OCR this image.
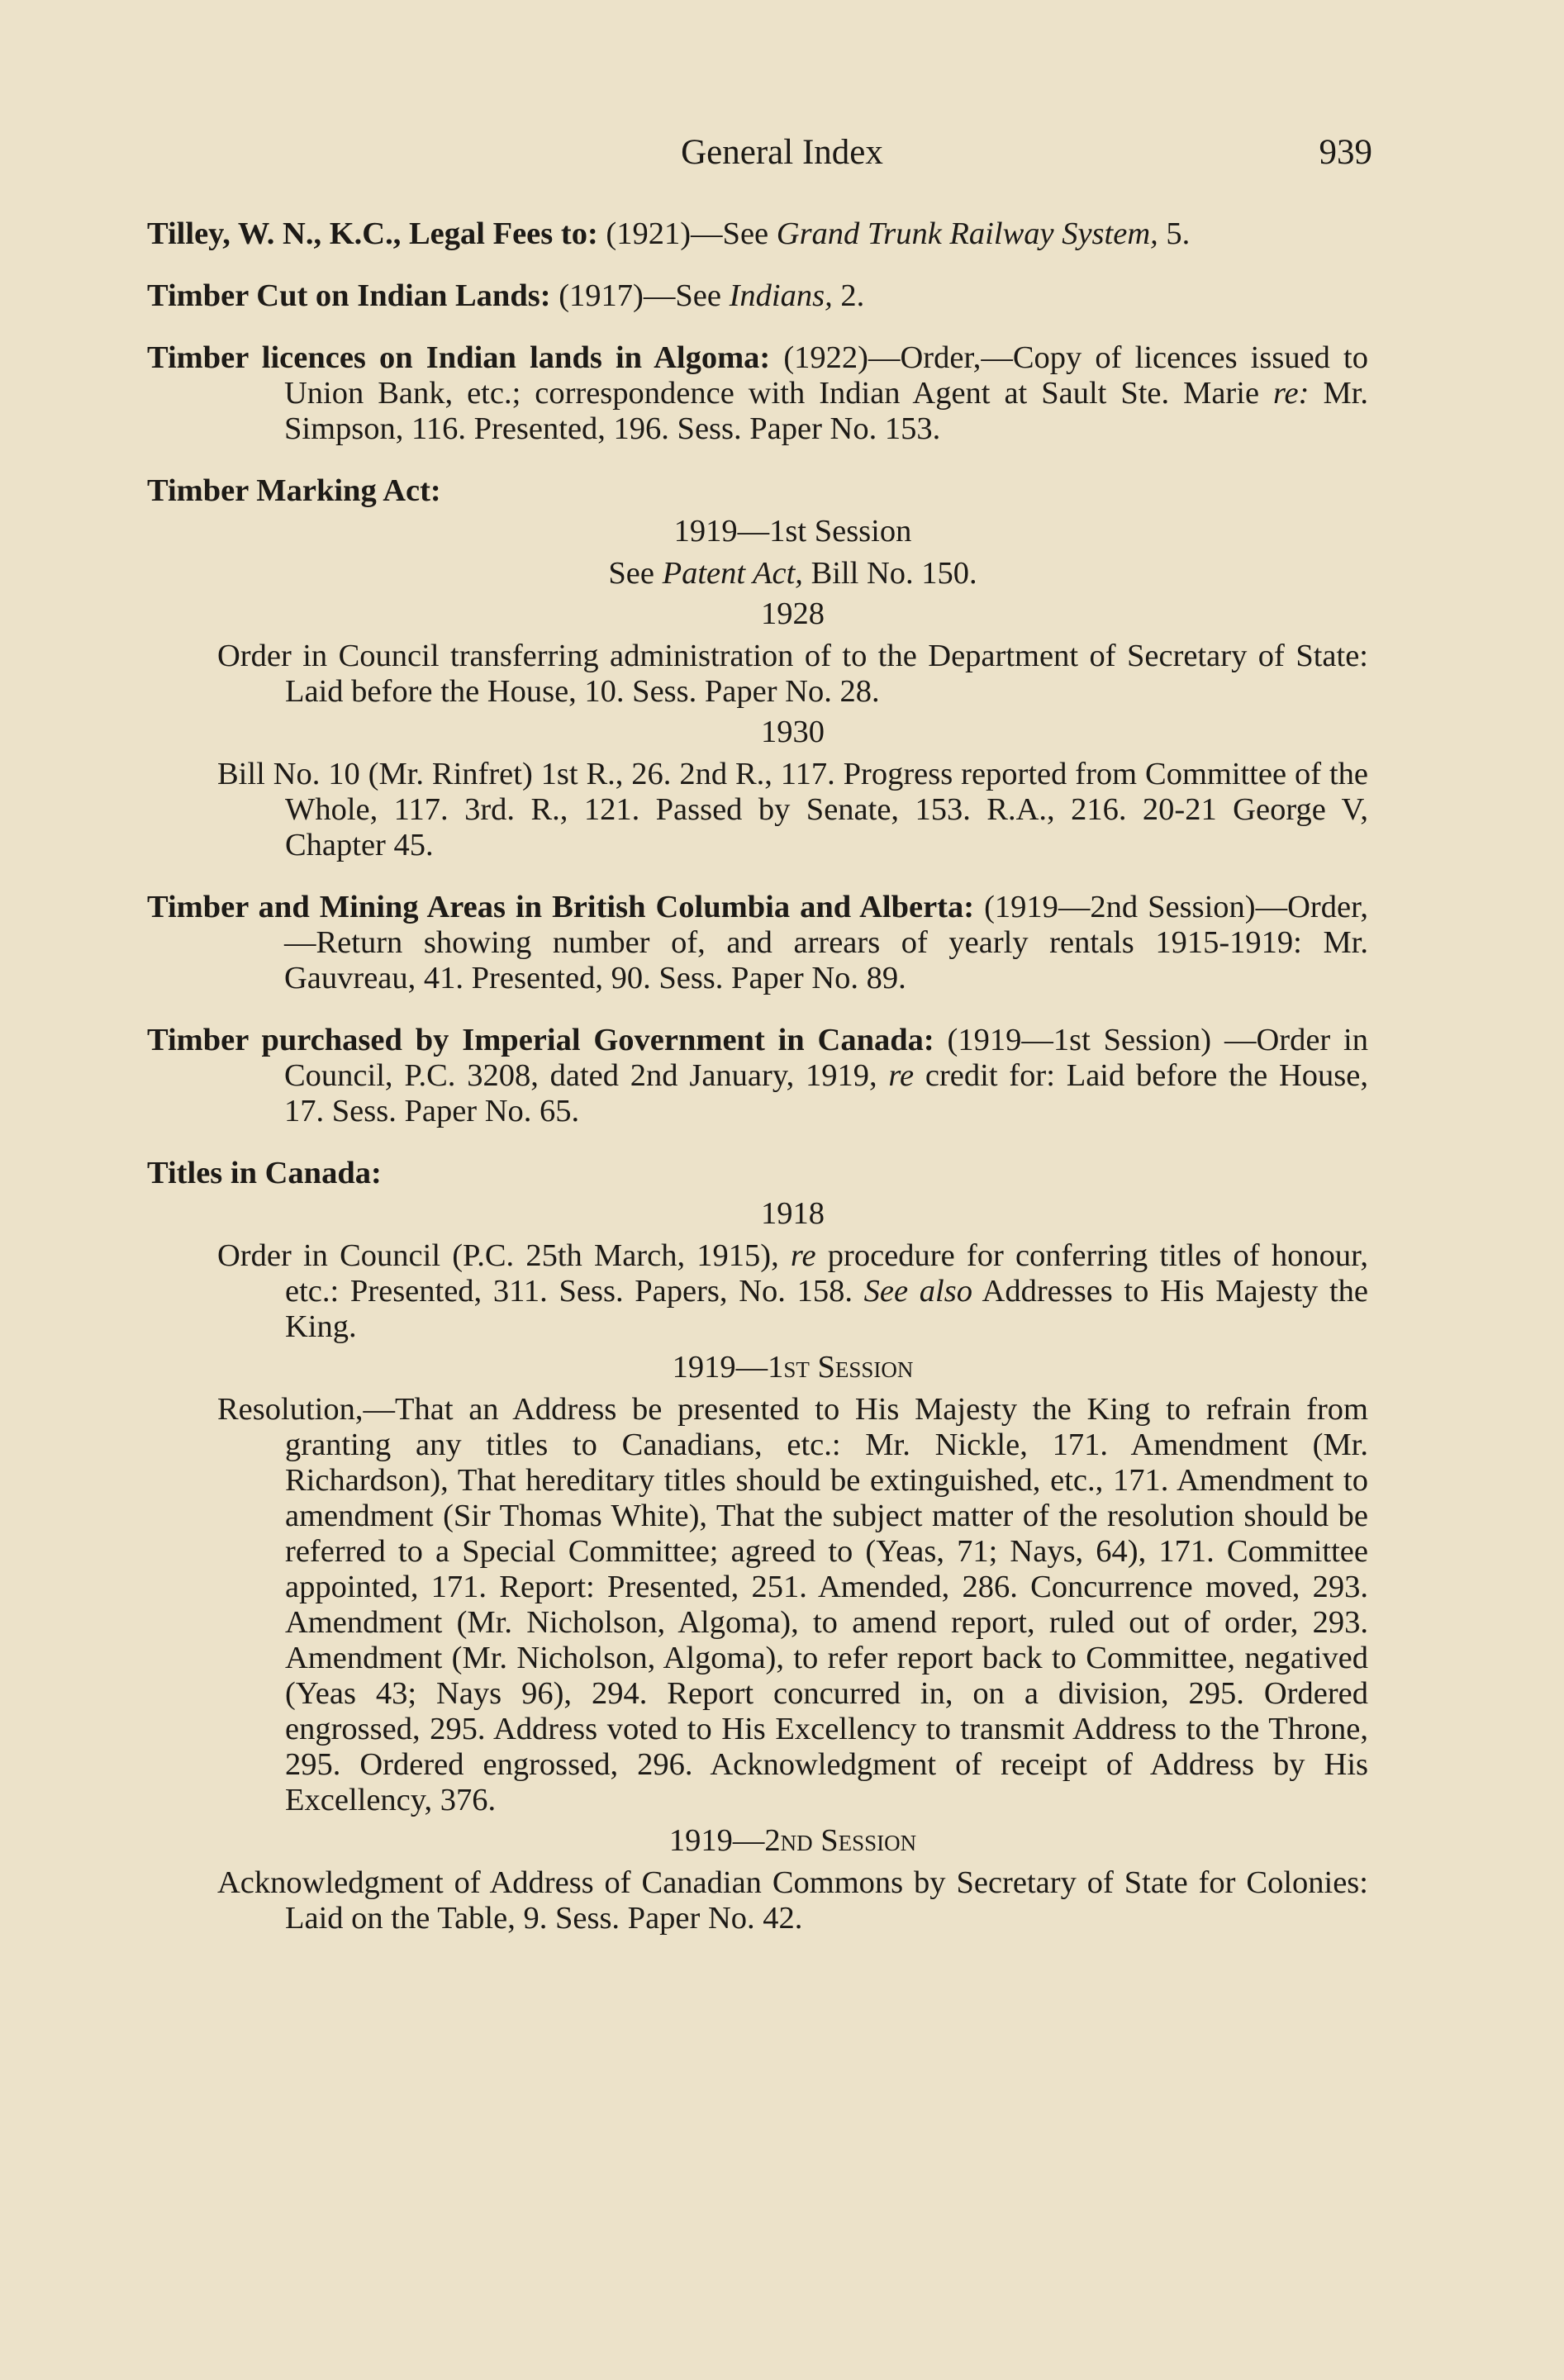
General Index	939
Tilley, W. N., K.C., Legal Fees to: (1921)—See Grand Trunk Railway System, 5.
Timber Cut on Indian Lands: (1917)—See Indians, 2.
Timber licences on Indian lands in Algoma: (1922)—Order,—Copy of licences issued to Union Bank, etc.; correspondence with Indian Agent at Sault Ste. Marie re: Mr. Simpson, 116. Presented, 196. Sess. Paper No. 153.
Timber Marking Act:
1919—1st Session
See Patent Act, Bill No. 150.
1928
Order in Council transferring administration of to the Department of Secretary of State: Laid before the House, 10. Sess. Paper No. 28.
1930
Bill No. 10 (Mr. Rinfret) 1st R., 26. 2nd R., 117. Progress reported from Committee of the Whole, 117. 3rd. R., 121. Passed by Senate, 153. R.A., 216. 20-21 George V, Chapter 45.
Timber and Mining Areas in British Columbia and Alberta: (1919—2nd Session)—Order,—Return showing number of, and arrears of yearly rentals 1915-1919: Mr. Gauvreau, 41. Presented, 90. Sess. Paper No. 89.
Timber purchased by Imperial Government in Canada: (1919—1st Session) —Order in Council, P.C. 3208, dated 2nd January, 1919, re credit for: Laid before the House, 17. Sess. Paper No. 65.
Titles in Canada:
1918
Order in Council (P.C. 25th March, 1915), re procedure for conferring titles of honour, etc.: Presented, 311. Sess. Papers, No. 158. See also Addresses to His Majesty the King.
1919—1st Session
Resolution,—That an Address be presented to His Majesty the King to refrain from granting any titles to Canadians, etc.: Mr. Nickle, 171. Amendment (Mr. Richardson), That hereditary titles should be extinguished, etc., 171. Amendment to amendment (Sir Thomas White), That the subject matter of the resolution should be referred to a Special Committee; agreed to (Yeas, 71; Nays, 64), 171. Committee appointed, 171. Report: Presented, 251. Amended, 286. Concurrence moved, 293. Amendment (Mr. Nicholson, Algoma), to amend report, ruled out of order, 293. Amendment (Mr. Nicholson, Algoma), to refer report back to Committee, negatived (Yeas 43; Nays 96), 294. Report concurred in, on a division, 295. Ordered engrossed, 295. Address voted to His Excellency to transmit Address to the Throne, 295. Ordered engrossed, 296. Acknowledgment of receipt of Address by His Excellency, 376.
1919—2nd Session
Acknowledgment of Address of Canadian Commons by Secretary of State for Colonies: Laid on the Table, 9. Sess. Paper No. 42.
